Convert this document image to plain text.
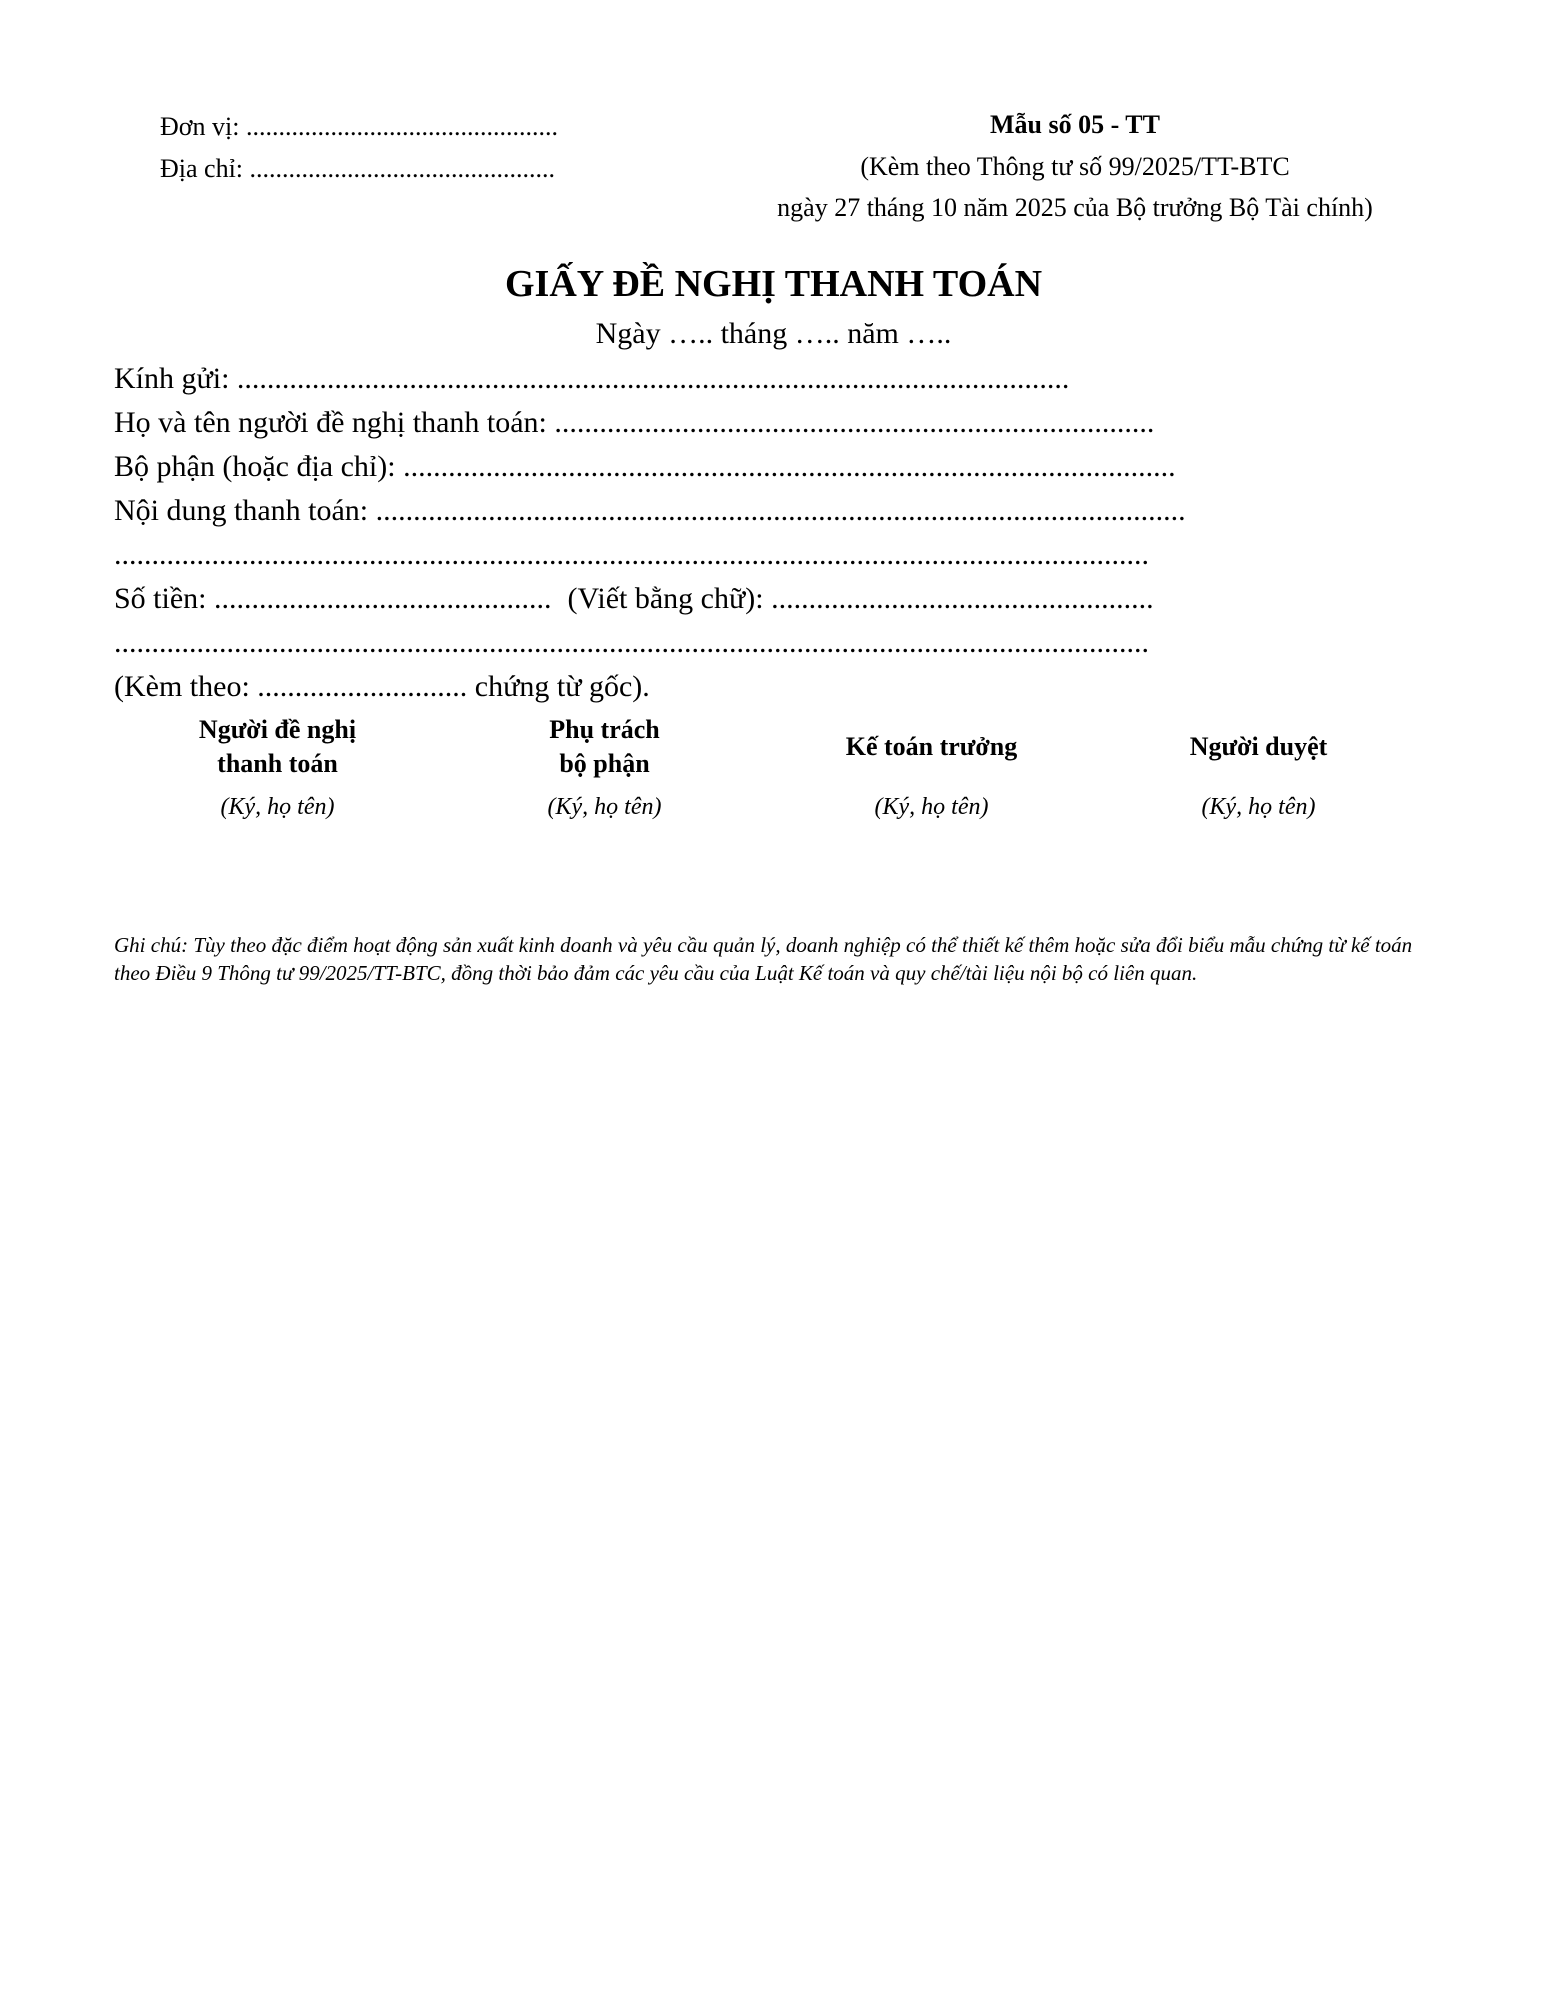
Đơn vị: ................................................
Địa chỉ: ...............................................
Mẫu số 05 - TT
(Kèm theo Thông tư số 99/2025/TT-BTC
ngày 27 tháng 10 năm 2025 của Bộ trưởng Bộ Tài chính)
GIẤY ĐỀ NGHỊ THANH TOÁN
Ngày ….. tháng ….. năm …..
Kính gửi: ...............................................................................................................
Họ và tên người đề nghị thanh toán: ................................................................................
Bộ phận (hoặc địa chỉ): .......................................................................................................
Nội dung thanh toán: ............................................................................................................
..........................................................................................................................................
Số tiền: ............................................. (Viết bằng chữ): ...................................................
..........................................................................................................................................
(Kèm theo: ............................ chứng từ gốc).
Người đề nghị
thanh toán
(Ký, họ tên)
Phụ trách
bộ phận
(Ký, họ tên)
Kế toán trưởng
(Ký, họ tên)
Người duyệt
(Ký, họ tên)
Ghi chú: Tùy theo đặc điểm hoạt động sản xuất kinh doanh và yêu cầu quản lý, doanh nghiệp có thể thiết kế thêm hoặc sửa đổi biểu mẫu chứng từ kế toán theo Điều 9 Thông tư 99/2025/TT-BTC, đồng thời bảo đảm các yêu cầu của Luật Kế toán và quy chế/tài liệu nội bộ có liên quan.
